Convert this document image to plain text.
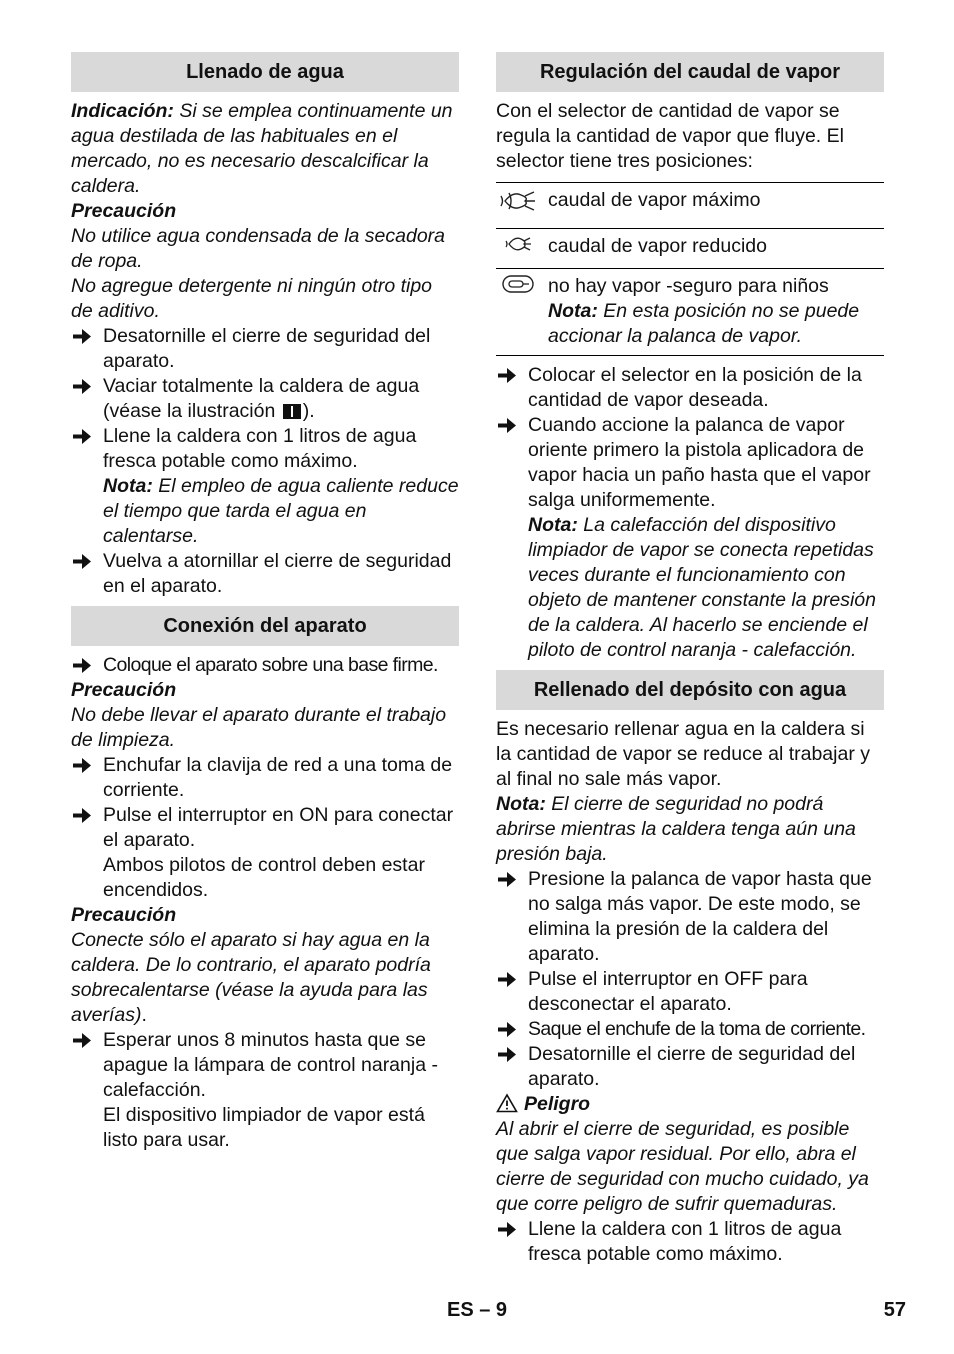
Llenado de agua

Indicación: Si se emplea continuamente un agua destilada de las habituales en el mercado, no es necesario descalcificar la caldera.

Precaución

No utilice agua condensada de la secadora de ropa.

No agregue detergente ni ningún otro tipo de aditivo.

Desatornille el cierre de seguridad del aparato.
Vaciar totalmente la caldera de agua (véase la ilustración
).
Llene la caldera con 1 litros de agua fresca potable como máximo.

Nota: El empleo de agua caliente reduce el tiempo que tarda el agua en calentarse.

Vuelva a atornillar el cierre de seguridad en el aparato.
Conexión del aparato
Coloque el aparato sobre una base firme.

Precaución

No debe llevar el aparato durante el trabajo de limpieza.

Enchufar la clavija de red a una toma de corriente.
Pulse el interruptor en ON para conectar el aparato.

Ambos pilotos de control deben estar encendidos.

Precaución

Conecte sólo el aparato si hay agua en la caldera. De lo contrario, el aparato podría sobrecalentarse (véase la ayuda para las averías).

Esperar unos 8 minutos hasta que se apague la lámpara de control naranja - calefacción.

El dispositivo limpiador de vapor está listo para usar.

Regulación del caudal de vapor

Con el selector de cantidad de vapor se regula la cantidad de vapor que fluye. El selector tiene tres posiciones:

	caudal de vapor máximo
	caudal de vapor reducido

no hay vapor -seguro para niños
Nota: En esta posición no se puede accionar la palanca de vapor.
Colocar el selector en la posición de la cantidad de vapor deseada.
Cuando accione la palanca de vapor oriente primero la pistola aplicadora de vapor hacia un paño hasta que el vapor salga uniformemente.

Nota: La calefacción del dispositivo limpiador de vapor se conecta repetidas veces durante el funcionamiento con objeto de mantener constante la presión de la caldera. Al hacerlo se enciende el piloto de control naranja - calefacción.

Rellenado del depósito con agua

Es necesario rellenar agua en la caldera si la cantidad de vapor se reduce al trabajar y al final no sale más vapor.

Nota: El cierre de seguridad no podrá abrirse mientras la caldera tenga aún una presión baja.

Presione la palanca de vapor hasta que no salga más vapor. De este modo, se elimina la presión de la caldera del aparato.
Pulse el interruptor en OFF para desconectar el aparato.
Saque el enchufe de la toma de corriente.
Desatornille el cierre de seguridad del aparato.

Peligro

Al abrir el cierre de seguridad, es posible que salga vapor residual. Por ello, abra el cierre de seguridad con mucho cuidado, ya que corre peligro de sufrir quemaduras.

Llene la caldera con 1 litros de agua fresca potable como máximo.
ES – 9	57
